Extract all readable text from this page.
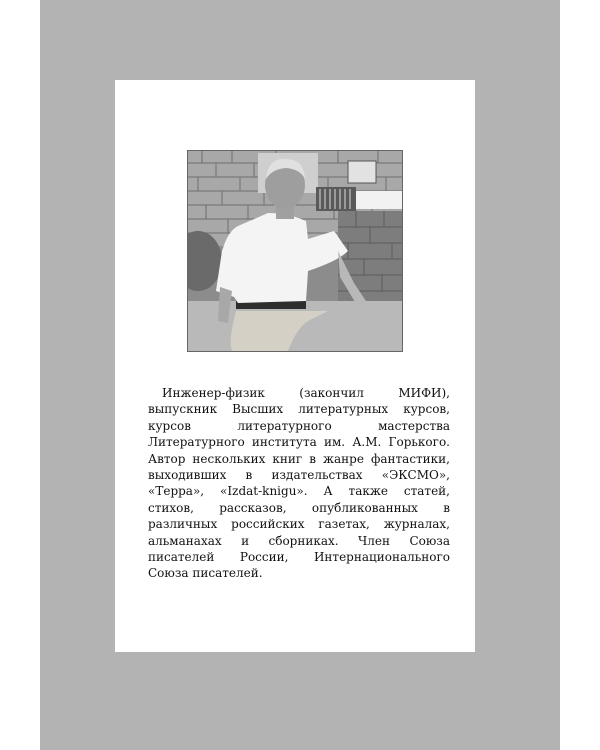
Инженер-физик (закончил МИФИ), выпускник Высших литературных курсов, курсов литературного мастерства Литературного института им. А.М. Горького. Автор нескольких книг в жанре фантастики, выходивших в издательствах «ЭКСМО», «Терра», «Izdat-knigu». А также статей, стихов, рассказов, опубликованных в различных российских газетах, журналах, альманахах и сборниках. Член Союза писателей России, Интернационального Союза писателей.
